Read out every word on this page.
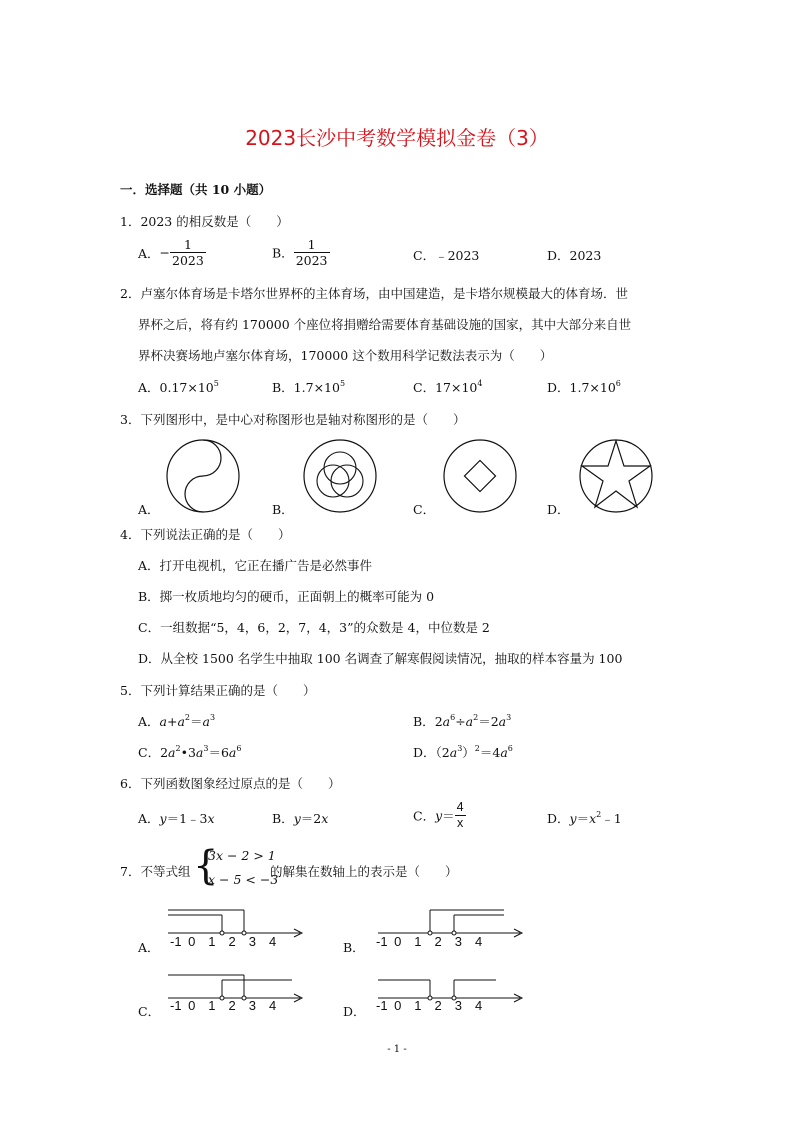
2023长沙中考数学模拟金卷（3）
一．选择题（共 10 小题）
1．2023 的相反数是（　　）
A．− $\frac{1}{2023}$	B． $\frac{1}{2023}$	C．﹣2023	D．2023
2．卢塞尔体育场是卡塔尔世界杯的主体育场，由中国建造，是卡塔尔规模最大的体育场．世
界杯之后，将有约 170000 个座位将捐赠给需要体育基础设施的国家，其中大部分来自世
界杯决赛场地卢塞尔体育场，170000 这个数用科学记数法表示为（　　）
A．$0.17\times 10^5$	B．$1.7\times 10^5$	C．$17\times 10^4$	D．$1.7\times 10^6$
3．下列图形中，是中心对称图形也是轴对称图形的是（　　）
A．	B．	C．	D．
4．下列说法正确的是（　　）
A．打开电视机，它正在播广告是必然事件
B．掷一枚质地均匀的硬币，正面朝上的概率可能为 0
C．一组数据“5，4，6，2，7，4，3”的众数是 4，中位数是 2
D．从全校 1500 名学生中抽取 100 名调查了解寒假阅读情况，抽取的样本容量为 100
5．下列计算结果正确的是（　　）
A．$a+a^2=a^3$	B．$2a^6\div a^2=2a^3$
C．$2a^2•3a^3=6a^6$	D．$(2a^3)^2=4a^6$
6．下列函数图象经过原点的是（　　）
A．y＝1﹣3x	B．y＝2x	C．$y= \frac{4}{x}$	D．$y=x^2﹣1$
7．不等式组 {
3x − 2 > 1
x − 5 < −3
的解集在数轴上的表示是（　　）
-1  0   1   2   3   4
A．	-1  0   1   2   3   4
B．
-1  0   1   2   3   4
C．	-1  0   1   2   3   4
D．
- 1 -
